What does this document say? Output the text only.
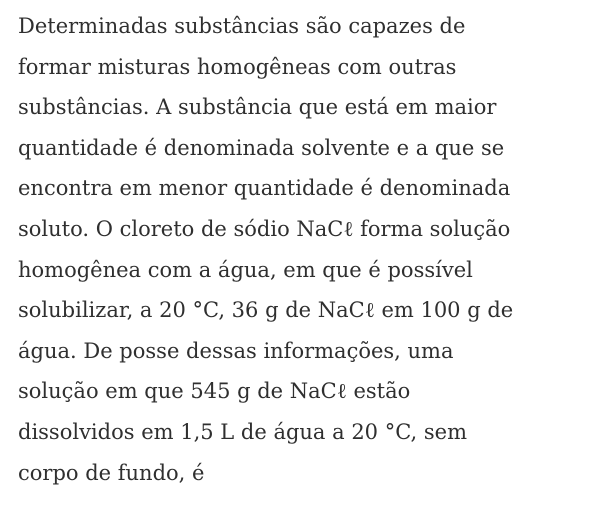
Determinadas substâncias são capazes de
formar misturas homogêneas com outras
substâncias. A substância que está em maior
quantidade é denominada solvente e a que se
encontra em menor quantidade é denominada
soluto. O cloreto de sódio NaCℓ forma solução
homogênea com a água, em que é possível
solubilizar, a 20 °C, 36 g de NaCℓ em 100 g de
água. De posse dessas informações, uma
solução em que 545 g de NaCℓ estão
dissolvidos em 1,5 L de água a 20 °C, sem
corpo de fundo, é
